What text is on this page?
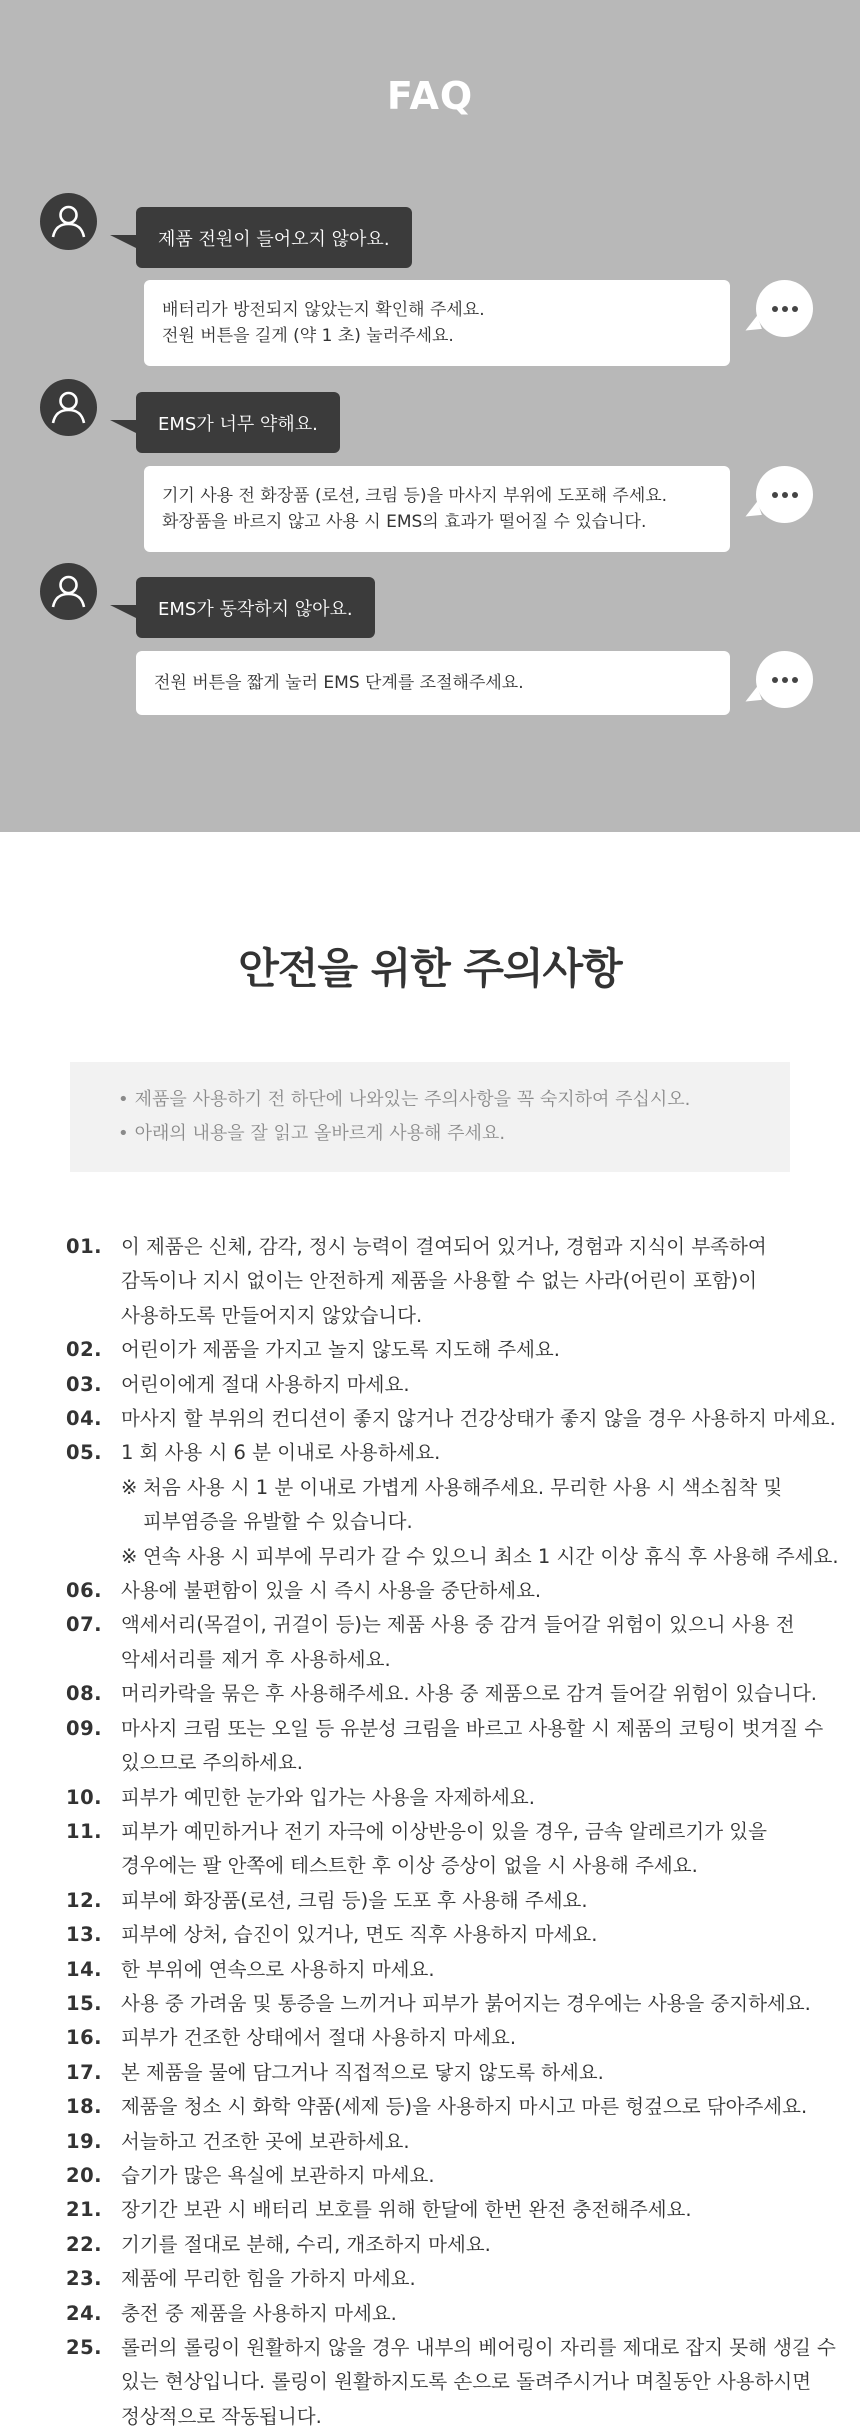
FAQ
제품 전원이 들어오지 않아요.
배터리가 방전되지 않았는지 확인해 주세요.
전원 버튼을 길게 (약 1 초) 눌러주세요.
EMS가 너무 약해요.
기기 사용 전 화장품 (로션, 크림 등)을 마사지 부위에 도포해 주세요.
화장품을 바르지 않고 사용 시 EMS의 효과가 떨어질 수 있습니다.
EMS가 동작하지 않아요.
전원 버튼을 짧게 눌러 EMS 단계를 조절해주세요.
안전을 위한 주의사항
• 제품을 사용하기 전 하단에 나와있는 주의사항을 꼭 숙지하여 주십시오.
• 아래의 내용을 잘 읽고 올바르게 사용해 주세요.
01. 이 제품은 신체, 감각, 정시 능력이 결여되어 있거나, 경험과 지식이 부족하여
감독이나 지시 없이는 안전하게 제품을 사용할 수 없는 사라(어린이 포함)이
사용하도록 만들어지지 않았습니다.
02. 어린이가 제품을 가지고 놀지 않도록 지도해 주세요.
03. 어린이에게 절대 사용하지 마세요.
04. 마사지 할 부위의 컨디션이 좋지 않거나 건강상태가 좋지 않을 경우 사용하지 마세요.
05. 1 회 사용 시 6 분 이내로 사용하세요.
※ 처음 사용 시 1 분 이내로 가볍게 사용해주세요. 무리한 사용 시 색소침착 및
피부염증을 유발할 수 있습니다.
※ 연속 사용 시 피부에 무리가 갈 수 있으니 최소 1 시간 이상 휴식 후 사용해 주세요.
06. 사용에 불편함이 있을 시 즉시 사용을 중단하세요.
07. 액세서리(목걸이, 귀걸이 등)는 제품 사용 중 감겨 들어갈 위험이 있으니 사용 전
악세서리를 제거 후 사용하세요.
08. 머리카락을 묶은 후 사용해주세요. 사용 중 제품으로 감겨 들어갈 위험이 있습니다.
09. 마사지 크림 또는 오일 등 유분성 크림을 바르고 사용할 시 제품의 코팅이 벗겨질 수
있으므로 주의하세요.
10. 피부가 예민한 눈가와 입가는 사용을 자제하세요.
11. 피부가 예민하거나 전기 자극에 이상반응이 있을 경우, 금속 알레르기가 있을
경우에는 팔 안쪽에 테스트한 후 이상 증상이 없을 시 사용해 주세요.
12. 피부에 화장품(로션, 크림 등)을 도포 후 사용해 주세요.
13. 피부에 상처, 습진이 있거나, 면도 직후 사용하지 마세요.
14. 한 부위에 연속으로 사용하지 마세요.
15. 사용 중 가려움 및 통증을 느끼거나 피부가 붉어지는 경우에는 사용을 중지하세요.
16. 피부가 건조한 상태에서 절대 사용하지 마세요.
17. 본 제품을 물에 담그거나 직접적으로 닿지 않도록 하세요.
18. 제품을 청소 시 화학 약품(세제 등)을 사용하지 마시고 마른 헝겊으로 닦아주세요.
19. 서늘하고 건조한 곳에 보관하세요.
20. 습기가 많은 욕실에 보관하지 마세요.
21. 장기간 보관 시 배터리 보호를 위해 한달에 한번 완전 충전해주세요.
22. 기기를 절대로 분해, 수리, 개조하지 마세요.
23. 제품에 무리한 힘을 가하지 마세요.
24. 충전 중 제품을 사용하지 마세요.
25. 롤러의 롤링이 원활하지 않을 경우 내부의 베어링이 자리를 제대로 잡지 못해 생길 수
있는 현상입니다. 롤링이 원활하지도록 손으로 돌려주시거나 며칠동안 사용하시면
정상적으로 작동됩니다.
